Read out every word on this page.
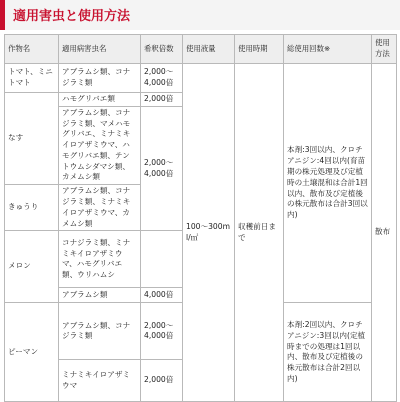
適用害虫と使用方法
作物名	適用病害虫名	希釈倍数	使用液量	使用時期	総使用回数※	使用方法
トマト、ミニトマト	アブラムシ類、コナジラミ類	2,000～4,000倍	100～300ml/㎡	収穫前日まで	本剤:3回以内、クロチアニジン:4回以内(育苗期の株元処理及び定植時の土壌混和は合計1回以内、散布及び定植後の株元散布は合計3回以内)	散布
なす	ハモグリバエ類	2,000倍				
	アブラムシ類、コナジラミ類、マメハモグリバエ、ミナミキイロアザミウマ、ハモグリバエ類、テントウムシダマシ類、カメムシ類	2,000～4,000倍				
きゅうり	アブラムシ類、コナジラミ類、ミナミキイロアザミウマ、カメムシ類					
メロン	コナジラミ類、ミナミキイロアザミウマ、ハモグリバエ類、ウリハムシ					
	アブラムシ類	4,000倍				
ピーマン	アブラムシ類、コナジラミ類	2,000～4,000倍			本剤:2回以内、クロチアニジン:3回以内(定植時までの処理は1回以内、散布及び定植後の株元散布は合計2回以内)	
	ミナミキイロアザミウマ	2,000倍				
